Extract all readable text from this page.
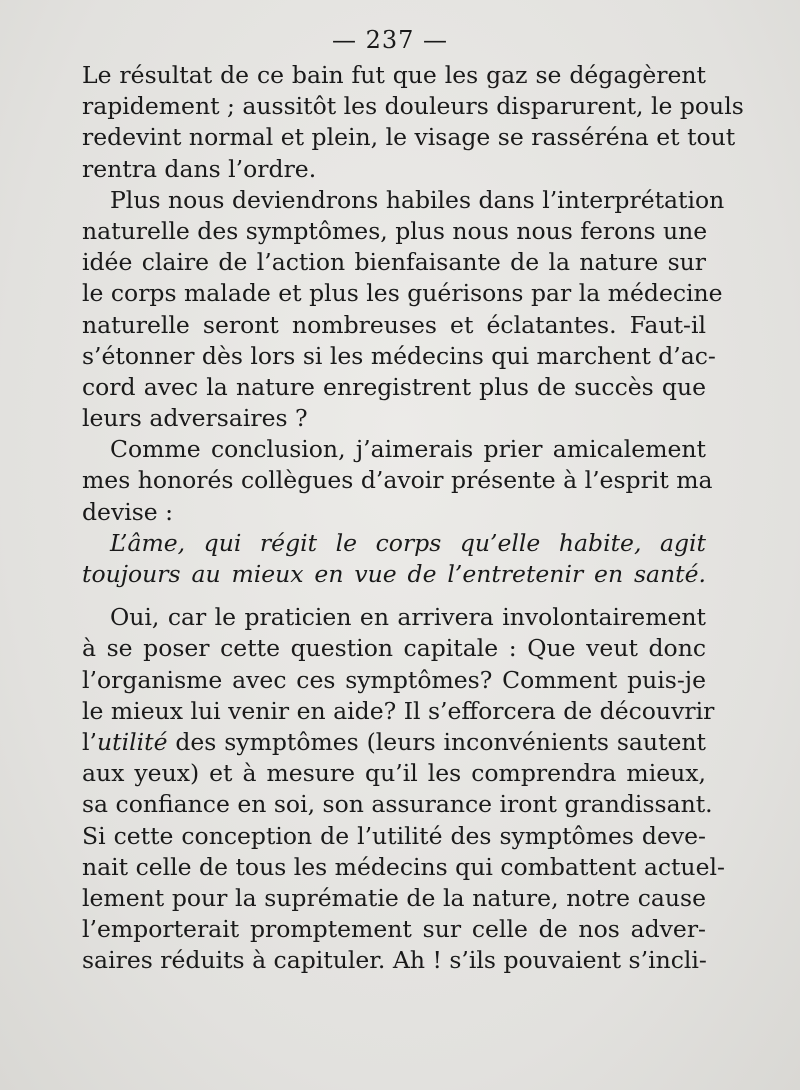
— 237 —
Le résultat de ce bain fut que les gaz se dégagèrent
rapidement ; aussitôt les douleurs disparurent, le pouls
redevint normal et plein, le visage se rasséréna et tout
rentra dans l’ordre.
Plus nous deviendrons habiles dans l’interprétation
naturelle des symptômes, plus nous nous ferons une
idée claire de l’action bienfaisante de la nature sur
le corps malade et plus les guérisons par la médecine
naturelle seront nombreuses et éclatantes. Faut-il
s’étonner dès lors si les médecins qui marchent d’ac-
cord avec la nature enregistrent plus de succès que
leurs adversaires ?
Comme conclusion, j’aimerais prier amicalement
mes honorés collègues d’avoir présente à l’esprit ma
devise :
L’âme, qui régit le corps qu’elle habite, agit
toujours au mieux en vue de l’entretenir en santé.
Oui, car le praticien en arrivera involontairement
à se poser cette question capitale : Que veut donc
l’organisme avec ces symptômes? Comment puis-je
le mieux lui venir en aide? Il s’efforcera de découvrir
l’utilité des symptômes (leurs inconvénients sautent
aux yeux) et à mesure qu’il les comprendra mieux,
sa confiance en soi, son assurance iront grandissant.
Si cette conception de l’utilité des symptômes deve-
nait celle de tous les médecins qui combattent actuel-
lement pour la suprématie de la nature, notre cause
l’emporterait promptement sur celle de nos adver-
saires réduits à capituler. Ah ! s’ils pouvaient s’incli-
